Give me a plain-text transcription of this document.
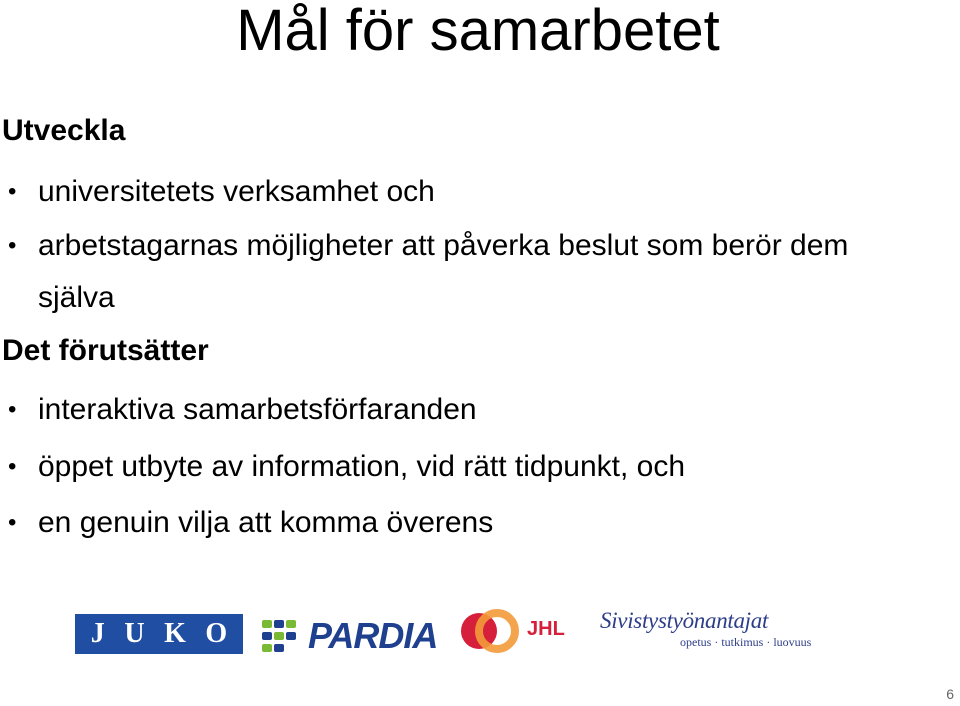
Mål för samarbetet
Utveckla
• universitetets verksamhet och
• arbetstagarnas möjligheter att påverka beslut som berör dem själva
Det förutsätter
• interaktiva samarbetsförfaranden
• öppet utbyte av information, vid rätt tidpunkt, och
• en genuin vilja att komma överens
J U K O PARDIA	JHL Sivistystyönantajat
opetus · tutkimus · luovuus
6
